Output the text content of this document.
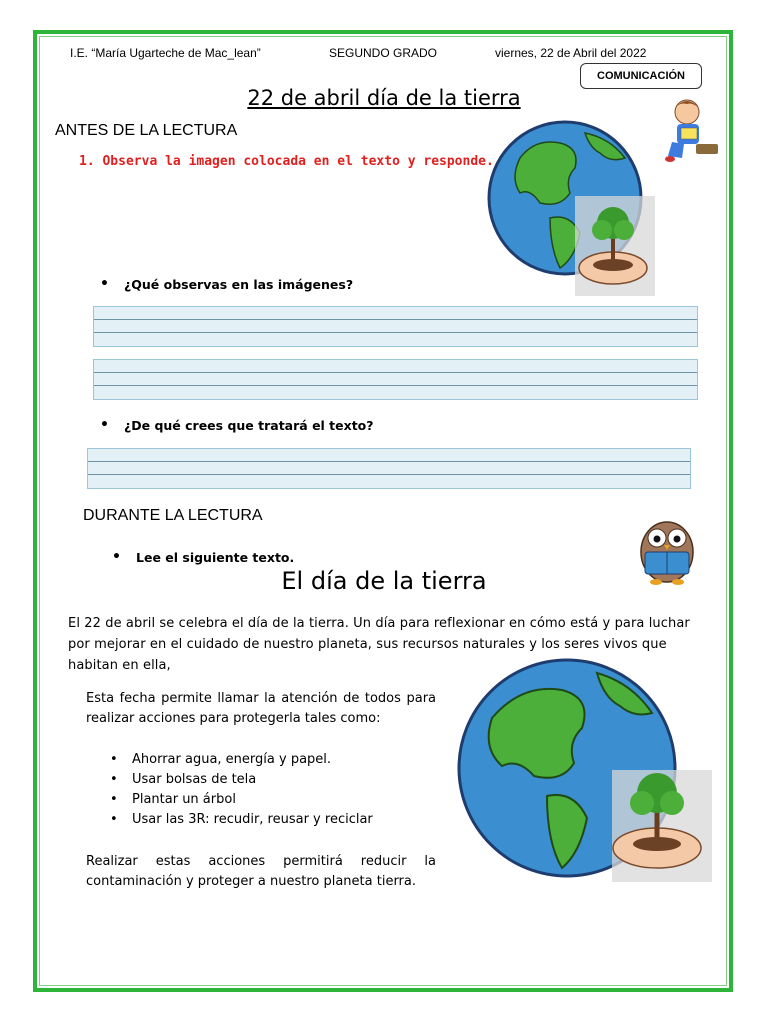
I.E. “María Ugarteche de Mac_lean”	SEGUNDO GRADO	viernes, 22 de Abril del 2022
COMUNICACIÓN
22 de abril día de la tierra
ANTES DE LA LECTURA
1. Observa la imagen colocada en el texto y responde.
• ¿Qué observas en las imágenes?
• ¿De qué crees que tratará el texto?
DURANTE LA LECTURA
• Lee el siguiente texto.
El día de la tierra
El 22 de abril se celebra el día de la tierra. Un día para reflexionar en cómo está y para luchar por mejorar en el cuidado de nuestro planeta, sus recursos naturales y los seres vivos que habitan en ella,
Esta fecha permite llamar la atención de todos para realizar acciones para protegerla tales como:
• Ahorrar agua, energía y papel.
• Usar bolsas de tela
• Plantar un árbol
• Usar las 3R: recudir, reusar y reciclar
Realizar estas acciones permitirá reducir la contaminación y proteger a nuestro planeta tierra.
